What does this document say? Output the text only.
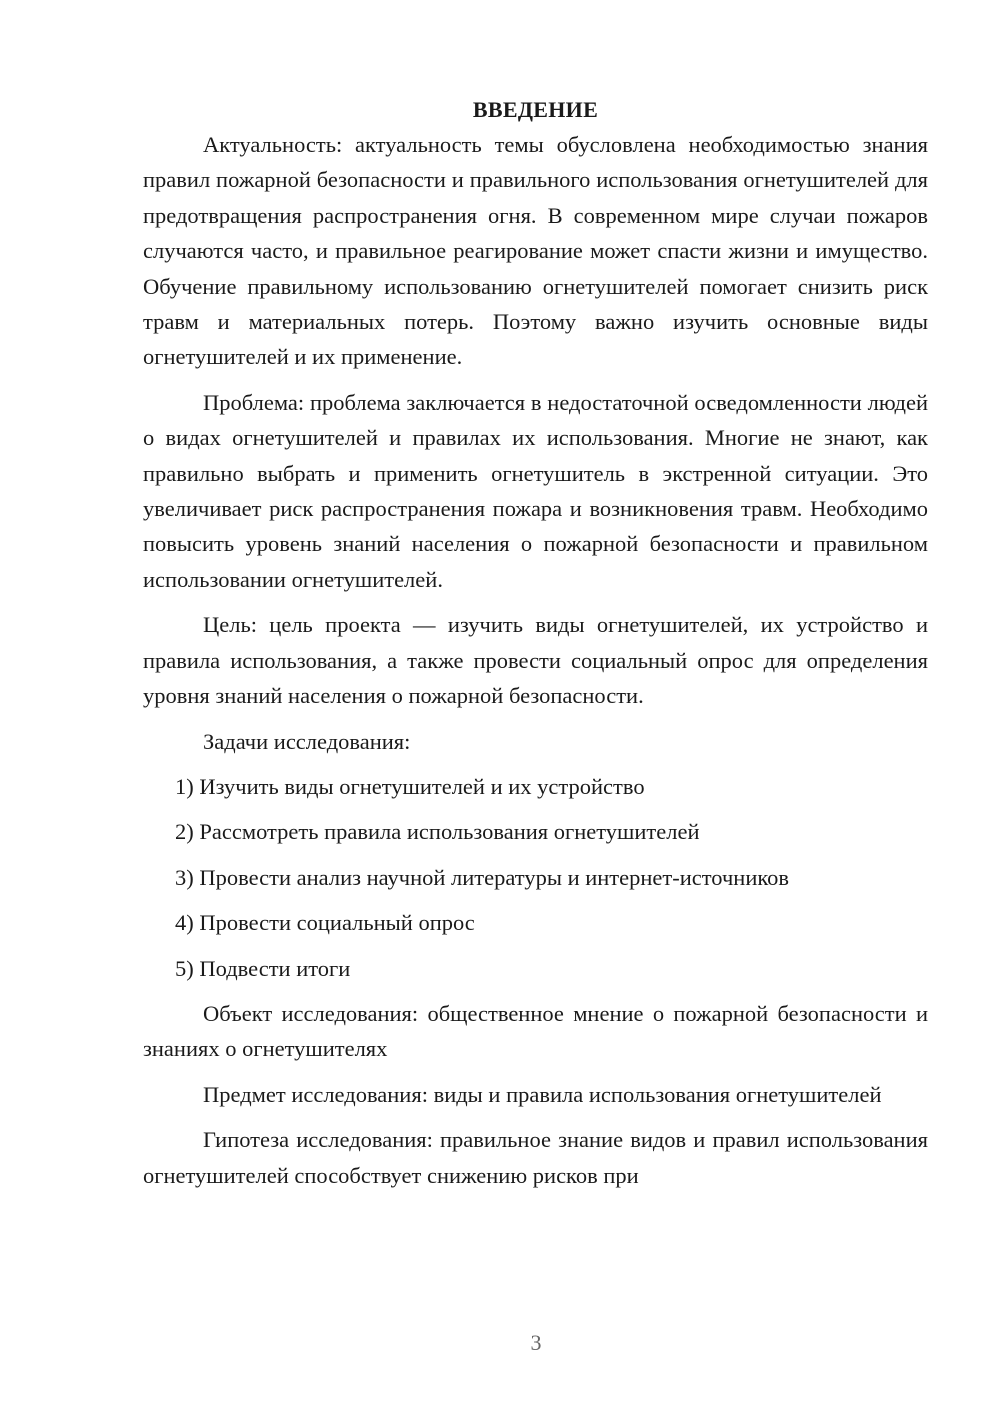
ВВЕДЕНИЕ

Актуальность: актуальность темы обусловлена необходимостью знания правил пожарной безопасности и правильного использования огнетушителей для предотвращения распространения огня. В современном мире случаи пожаров случаются часто, и правильное реагирование может спасти жизни и имущество. Обучение правильному использованию огнетушителей помогает снизить риск травм и материальных потерь. Поэтому важно изучить основные виды огнетушителей и их применение.

Проблема: проблема заключается в недостаточной осведомленности людей о видах огнетушителей и правилах их использования. Многие не знают, как правильно выбрать и применить огнетушитель в экстренной ситуации. Это увеличивает риск распространения пожара и возникновения травм. Необходимо повысить уровень знаний населения о пожарной безопасности и правильном использовании огнетушителей.

Цель: цель проекта — изучить виды огнетушителей, их устройство и правила использования, а также провести социальный опрос для определения уровня знаний населения о пожарной безопасности.

Задачи исследования:

1) Изучить виды огнетушителей и их устройство

2) Рассмотреть правила использования огнетушителей

3) Провести анализ научной литературы и интернет-источников

4) Провести социальный опрос

5) Подвести итоги

Объект исследования: общественное мнение о пожарной безопасности и знаниях о огнетушителях

Предмет исследования: виды и правила использования огнетушителей

Гипотеза исследования: правильное знание видов и правил использования огнетушителей способствует снижению рисков при

3
